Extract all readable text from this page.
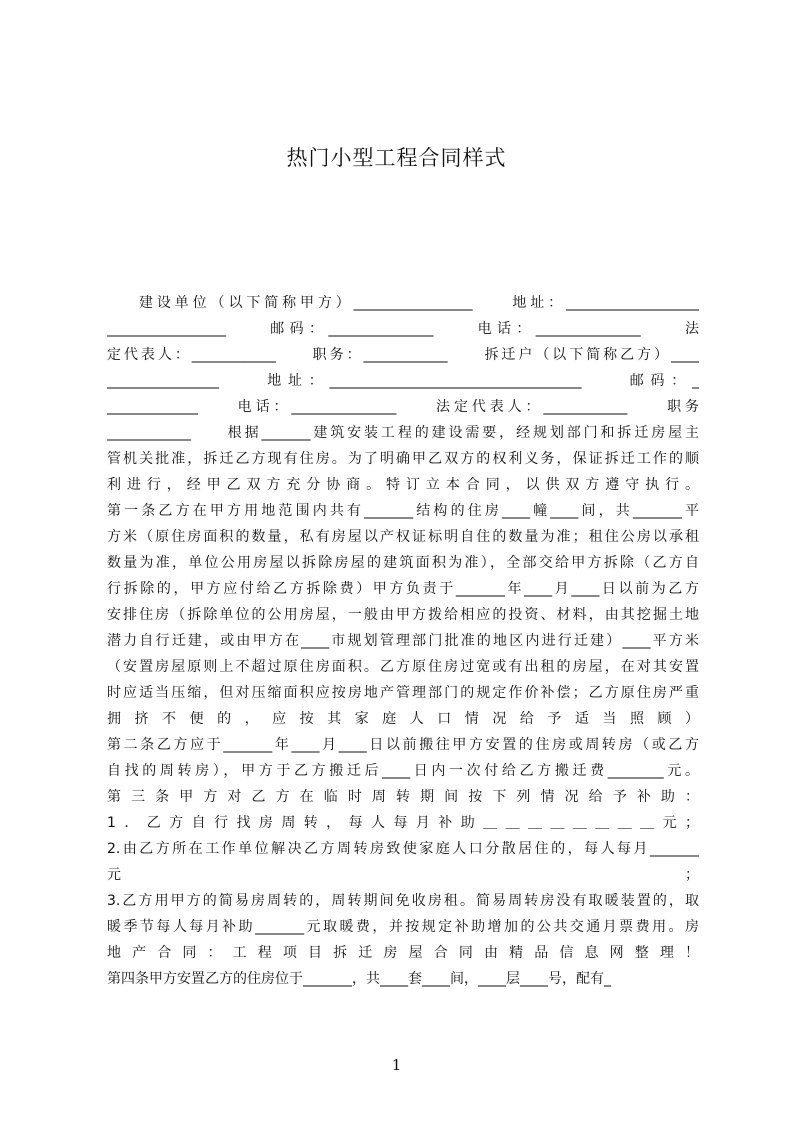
热门小型工程合同样式
建设单位（以下简称甲方）_________________　　地址：___________________
_________________　　邮码：_______________　　电话：_______________　　法
定代表人：____________　　职务：____________　　拆迁户（以下简称乙方）____
________________　　地址：____________________________________　　邮码：_
_____________　　电话：_______________　　法定代表人：____________　　职务
____________　　根据_______建筑安装工程的建设需要，经规划部门和拆迁房屋主
管机关批准，拆迁乙方现有住房。为了明确甲乙双方的权利义务，保证拆迁工作的顺
利进行，经甲乙双方充分协商。特订立本合同，以供双方遵守执行。
第一条乙方在甲方用地范围内共有_______结构的住房____幢____间，共_______平
方米（原住房面积的数量，私有房屋以产权证标明自住的数量为准；租住公房以承租
数量为准，单位公用房屋以拆除房屋的建筑面积为准），全部交给甲方拆除（乙方自
行拆除的，甲方应付给乙方拆除费）甲方负责于_______年____月____日以前为乙方
安排住房（拆除单位的公用房屋，一般由甲方拨给相应的投资、材料，由其挖掘土地
潜力自行迁建，或由甲方在____市规划管理部门批准的地区内进行迁建）____平方米
（安置房屋原则上不超过原住房面积。乙方原住房过宽或有出租的房屋，在对其安置
时应适当压缩，但对压缩面积应按房地产管理部门的规定作价补偿；乙方原住房严重
拥挤不便的，应按其家庭人口情况给予适当照顾）
第二条乙方应于_______年____月____日以前搬往甲方安置的住房或周转房（或乙方
自找的周转房），甲方于乙方搬迁后____日内一次付给乙方搬迁费________元。
第三条甲方对乙方在临时周转期间按下列情况给予补助：
1．乙方自行找房周转，每人每月补助＿＿＿＿＿＿＿＿元；
2.由乙方所在工作单位解决乙方周转房致使家庭人口分散居住的，每人每月_______
元　　　　　　　　　　　　　　　　　　　　　　　　　　　　　　　　　　　　；
3.乙方用甲方的简易房周转的，周转期间免收房租。简易周转房没有取暖装置的，取
暖季节每人每月补助_______元取暖费，并按规定补助增加的公共交通月票费用。房
地产合同：工程项目拆迁房屋合同由精品信息网整理！
第四条甲方安置乙方的住房位于_______，共____套____间，____层____号，配有_
1
